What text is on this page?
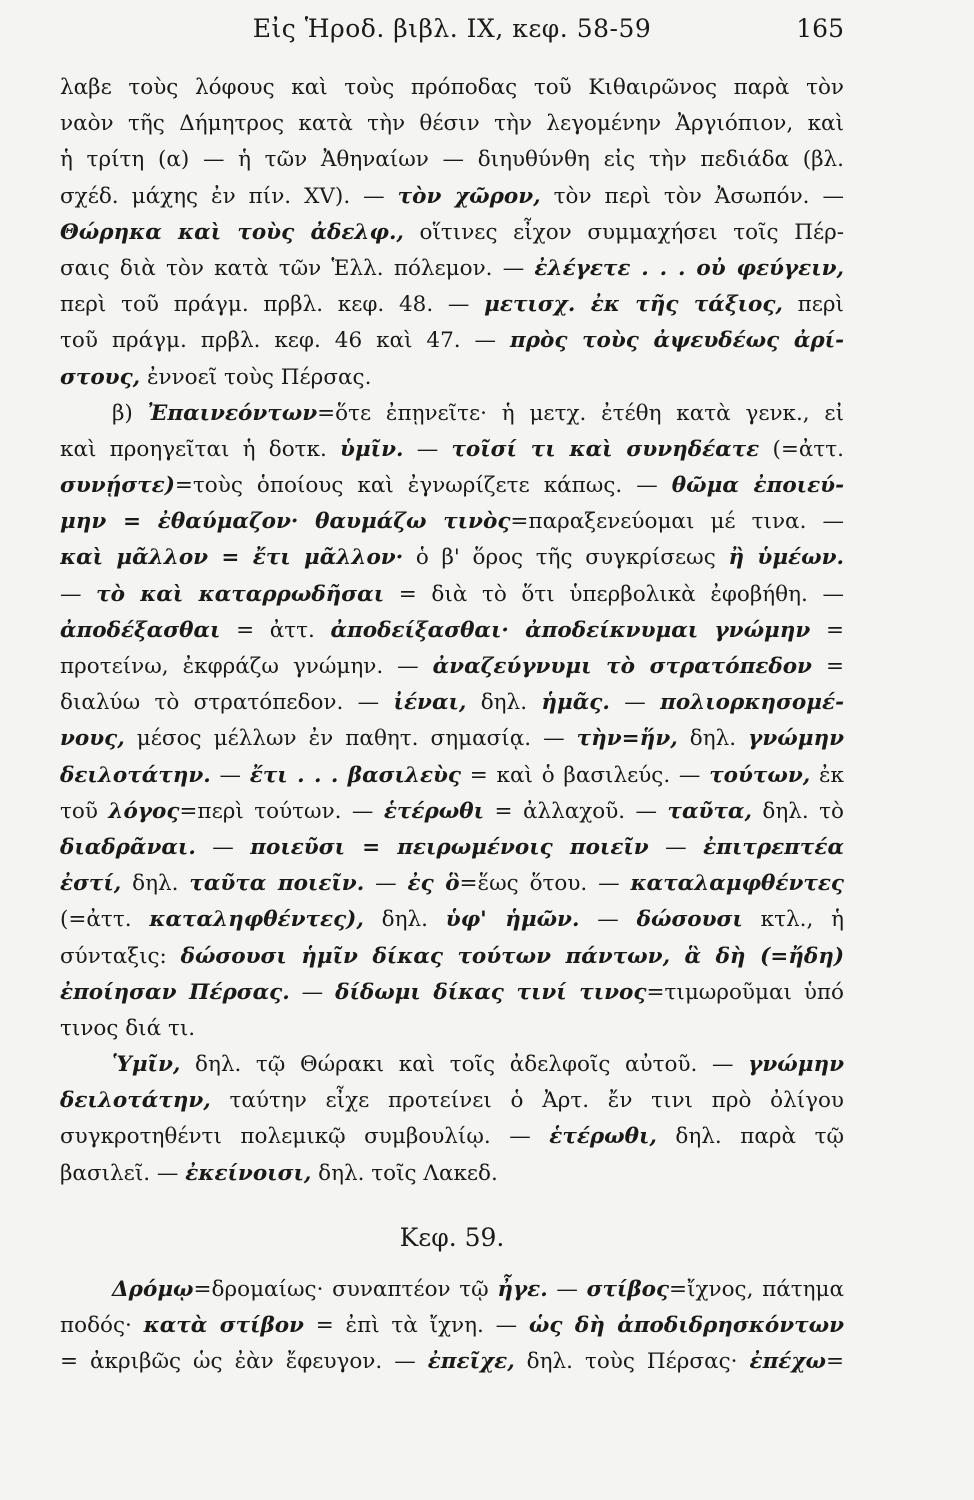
Εἰς Ἡροδ. βιβλ. IX, κεφ. 58-59	165
λαβε τοὺς λόφους καὶ τοὺς πρόποδας τοῦ Κιθαιρῶνος παρὰ τὸν
ναὸν τῆς Δήμητρος κατὰ τὴν θέσιν τὴν λεγομένην Ἀργιόπιον, καὶ
ἡ τρίτη (α) — ἡ τῶν Ἀθηναίων — διηυθύνθη εἰς τὴν πεδιάδα (βλ.
σχέδ. μάχης ἐν πίν. XV). — τὸν χῶρον, τὸν περὶ τὸν Ἀσωπόν. —
Θώρηκα καὶ τοὺς ἀδελφ., οἵτινες εἶχον συμμαχήσει τοῖς Πέρ-
σαις διὰ τὸν κατὰ τῶν Ἑλλ. πόλεμον. — ἐλέγετε . . . οὐ φεύγειν,
περὶ τοῦ πράγμ. πρβλ. κεφ. 48. — μετισχ. ἐκ τῆς τάξιος, περὶ
τοῦ πράγμ. πρβλ. κεφ. 46 καὶ 47. — πρὸς τοὺς ἀψευδέως ἀρί-
στους, ἐννοεῖ τοὺς Πέρσας.
β) Ἐπαινεόντων=ὅτε ἐπῃνεῖτε· ἡ μετχ. ἐτέθη κατὰ γενκ., εἰ
καὶ προηγεῖται ἡ δοτκ. ὑμῖν. — τοῖσί τι καὶ συνηδέατε (=ἀττ.
συνῄστε)=τοὺς ὁποίους καὶ ἐγνωρίζετε κάπως. — θῶμα ἐποιεύ-
μην = ἐθαύμαζον· θαυμάζω τινὸς=παραξενεύομαι μέ τινα. —
καὶ μᾶλλον = ἔτι μᾶλλον· ὁ β' ὅρος τῆς συγκρίσεως ἢ ὑμέων.
— τὸ καὶ καταρρωδῆσαι = διὰ τὸ ὅτι ὑπερβολικὰ ἐφοβήθη. —
ἀποδέξασθαι = ἀττ. ἀποδείξασθαι· ἀποδείκνυμαι γνώμην =
προτείνω, ἐκφράζω γνώμην. — ἀναζεύγνυμι τὸ στρατόπεδον =
διαλύω τὸ στρατόπεδον. — ἰέναι, δηλ. ἡμᾶς. — πολιορκησομέ-
νους, μέσος μέλλων ἐν παθητ. σημασίᾳ. — τὴν=ἥν, δηλ. γνώμην
δειλοτάτην. — ἔτι . . . βασιλεὺς = καὶ ὁ βασιλεύς. — τούτων, ἐκ
τοῦ λόγος=περὶ τούτων. — ἑτέρωθι = ἀλλαχοῦ. — ταῦτα, δηλ. τὸ
διαδρᾶναι. — ποιεῦσι = πειρωμένοις ποιεῖν — ἐπιτρεπτέα
ἐστί, δηλ. ταῦτα ποιεῖν. — ἐς ὃ=ἕως ὅτου. — καταλαμφθέντες
(=ἀττ. καταληφθέντες), δηλ. ὑφ' ἡμῶν. — δώσουσι κτλ., ἡ
σύνταξις: δώσουσι ἡμῖν δίκας τούτων πάντων, ἃ δὴ (=ἤδη)
ἐποίησαν Πέρσας. — δίδωμι δίκας τινί τινος=τιμωροῦμαι ὑπό
τινος διά τι.
Ὑμῖν, δηλ. τῷ Θώρακι καὶ τοῖς ἀδελφοῖς αὐτοῦ. — γνώμην
δειλοτάτην, ταύτην εἶχε προτείνει ὁ Ἀρτ. ἔν τινι πρὸ ὀλίγου
συγκροτηθέντι πολεμικῷ συμβουλίῳ. — ἑτέρωθι, δηλ. παρὰ τῷ
βασιλεῖ. — ἐκείνοισι, δηλ. τοῖς Λακεδ.
Κεφ. 59.
Δρόμῳ=δρομαίως· συναπτέον τῷ ἦγε. — στίβος=ἴχνος, πάτημα
ποδός· κατὰ στίβον = ἐπὶ τὰ ἴχνη. — ὡς δὴ ἀποδιδρησκόντων
= ἀκριβῶς ὡς ἐὰν ἔφευγον. — ἐπεῖχε, δηλ. τοὺς Πέρσας· ἐπέχω=
